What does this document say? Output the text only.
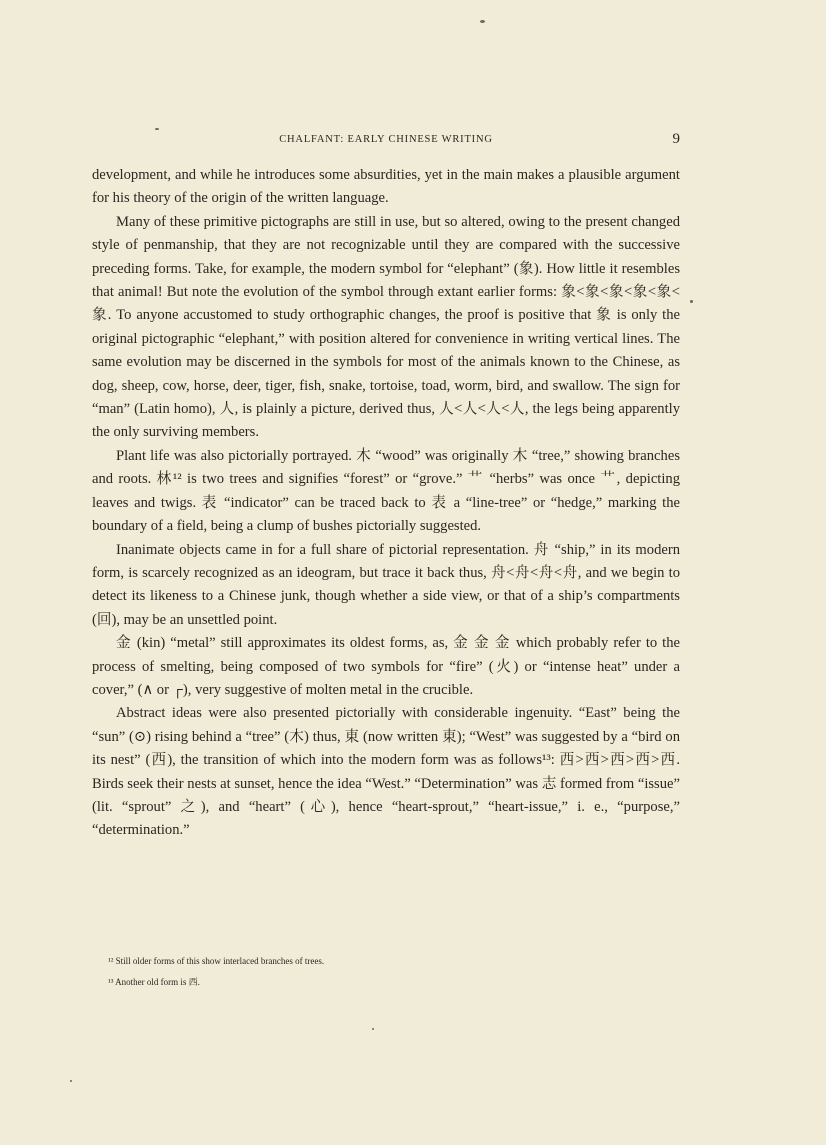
CHALFANT: EARLY CHINESE WRITING	9

development, and while he introduces some absurdities, yet in the main makes a plausible argument for his theory of the origin of the written language.

Many of these primitive pictographs are still in use, but so altered, owing to the present changed style of penmanship, that they are not recognizable until they are compared with the successive preceding forms. Take, for example, the modern symbol for “elephant” (象). How little it resembles that animal! But note the evolution of the symbol through extant earlier forms: 象<象<象<象<象<象. To anyone accustomed to study orthographic changes, the proof is positive that 象 is only the original pictographic “elephant,” with position altered for convenience in writing vertical lines. The same evolution may be discerned in the symbols for most of the animals known to the Chinese, as dog, sheep, cow, horse, deer, tiger, fish, snake, tortoise, toad, worm, bird, and swallow. The sign for “man” (Latin homo), 人, is plainly a picture, derived thus, 人<人<人<人, the legs being apparently the only surviving members.

Plant life was also pictorially portrayed. 木 “wood” was originally 木 “tree,” showing branches and roots. 林¹² is two trees and signifies “forest” or “grove.” 艹 “herbs” was once 艹, depicting leaves and twigs. 表 “indicator” can be traced back to 表 a “line-tree” or “hedge,” marking the boundary of a field, being a clump of bushes pictorially suggested.

Inanimate objects came in for a full share of pictorial representation. 舟 “ship,” in its modern form, is scarcely recognized as an ideogram, but trace it back thus, 舟<舟<舟<舟, and we begin to detect its likeness to a Chinese junk, though whether a side view, or that of a ship’s compartments (回), may be an unsettled point.

金 (kin) “metal” still approximates its oldest forms, as, 金 金 金 which probably refer to the process of smelting, being composed of two symbols for “fire” (火) or “intense heat” under a cover,” (∧ or ┌), very suggestive of molten metal in the crucible.

Abstract ideas were also presented pictorially with considerable ingenuity. “East” being the “sun” (⊙) rising behind a “tree” (木) thus, 東 (now written 東); “West” was suggested by a “bird on its nest” (西), the transition of which into the modern form was as follows¹³: 西>西>西>西>西. Birds seek their nests at sunset, hence the idea “West.” “Determination” was 志 formed from “issue” (lit. “sprout” 之), and “heart” (心), hence “heart-sprout,” “heart-issue,” i. e., “purpose,” “determination.”

¹² Still older forms of this show interlaced branches of trees.

¹³ Another old form is 西.
